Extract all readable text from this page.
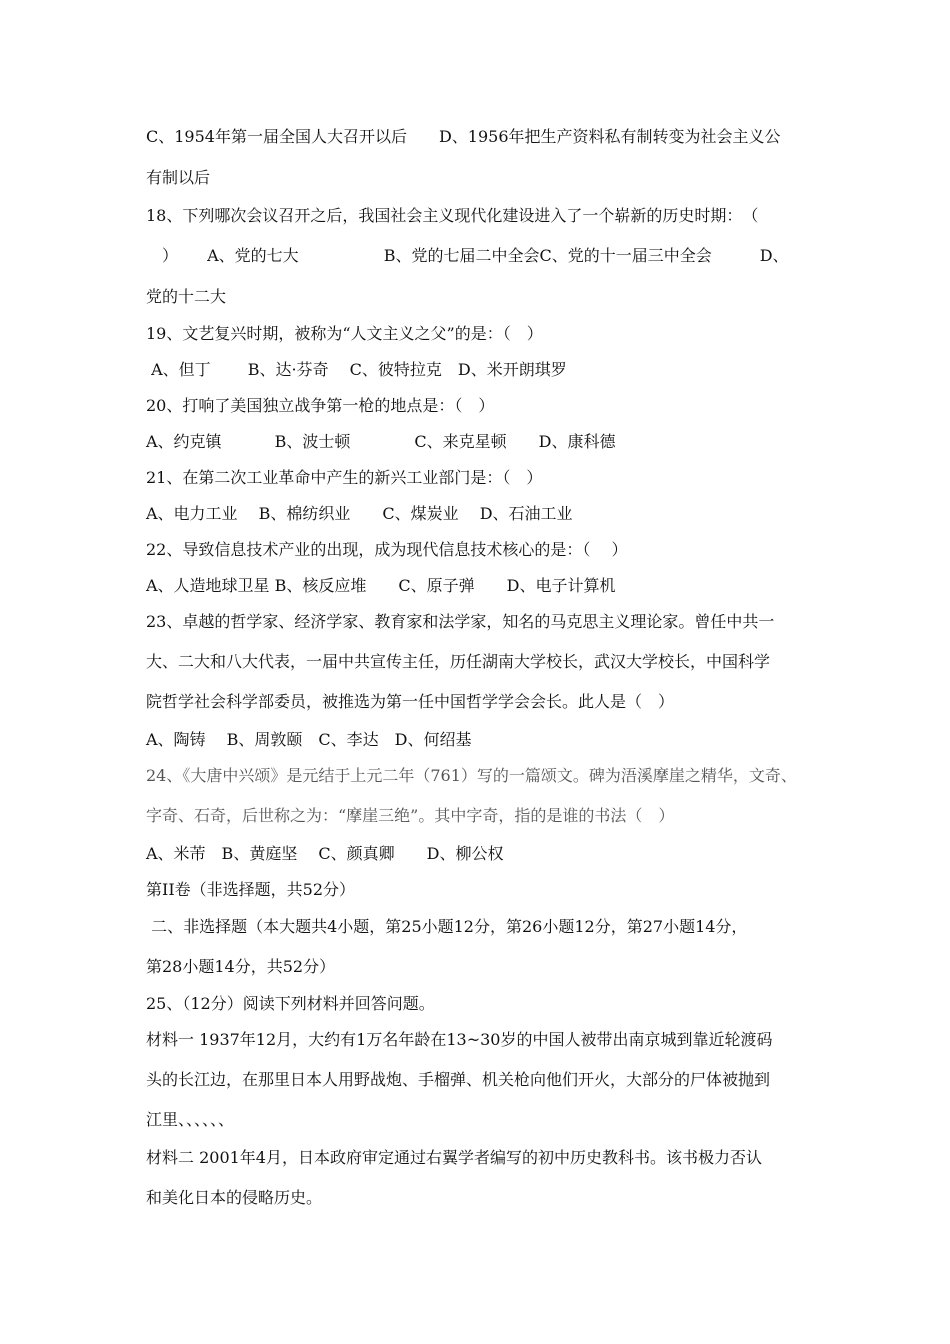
C、1954年第一届全国人大召开以后　　D、1956年把生产资料私有制转变为社会主义公
有制以后
18、下列哪次会议召开之后，我国社会主义现代化建设进入了一个崭新的历史时期：　（
　）　　 A、党的七大　　　　　 B、党的七届二中全会C、党的十一届三中全会　　　D、
党的十二大
19、文艺复兴时期，被称为“人文主义之父”的是：（　）
A、但丁　　 B、达·芬奇　 C、彼特拉克　D、米开朗琪罗
20、打响了美国独立战争第一枪的地点是：（　）
A、约克镇　　　 B、波士顿　　　　C、来克星顿　　D、康科德
21、在第二次工业革命中产生的新兴工业部门是：（　）
A、电力工业　 B、棉纺织业　　C、煤炭业　 D、石油工业
22、导致信息技术产业的出现，成为现代信息技术核心的是：（　 ）
A、人造地球卫星 B、核反应堆　　C、原子弹　　D、电子计算机
23、卓越的哲学家、经济学家、教育家和法学家，知名的马克思主义理论家。曾任中共一
大、二大和八大代表，一届中共宣传主任，历任湖南大学校长，武汉大学校长，中国科学
院哲学社会科学部委员，被推选为第一任中国哲学学会会长。此人是（　）
A、陶铸　 B、周敦颐　C、李达　D、何绍基
24、《大唐中兴颂》是元结于上元二年（761）写的一篇颂文。碑为浯溪摩崖之精华，文奇、
字奇、石奇，后世称之为：“摩崖三绝”。其中字奇，指的是谁的书法（　）
A、米芾　B、黄庭坚　 C、颜真卿　　D、柳公权
第II卷（非选择题，共52分）
二、非选择题（本大题共4小题，第25小题12分，第26小题12分，第27小题14分，
第28小题14分，共52分）
25、（12分）阅读下列材料并回答问题。
材料一 1937年12月，大约有1万名年龄在13~30岁的中国人被带出南京城到靠近轮渡码
头的长江边，在那里日本人用野战炮、手榴弹、机关枪向他们开火，大部分的尸体被抛到
江里、、、、、、
材料二 2001年4月，日本政府审定通过右翼学者编写的初中历史教科书。该书极力否认
和美化日本的侵略历史。
